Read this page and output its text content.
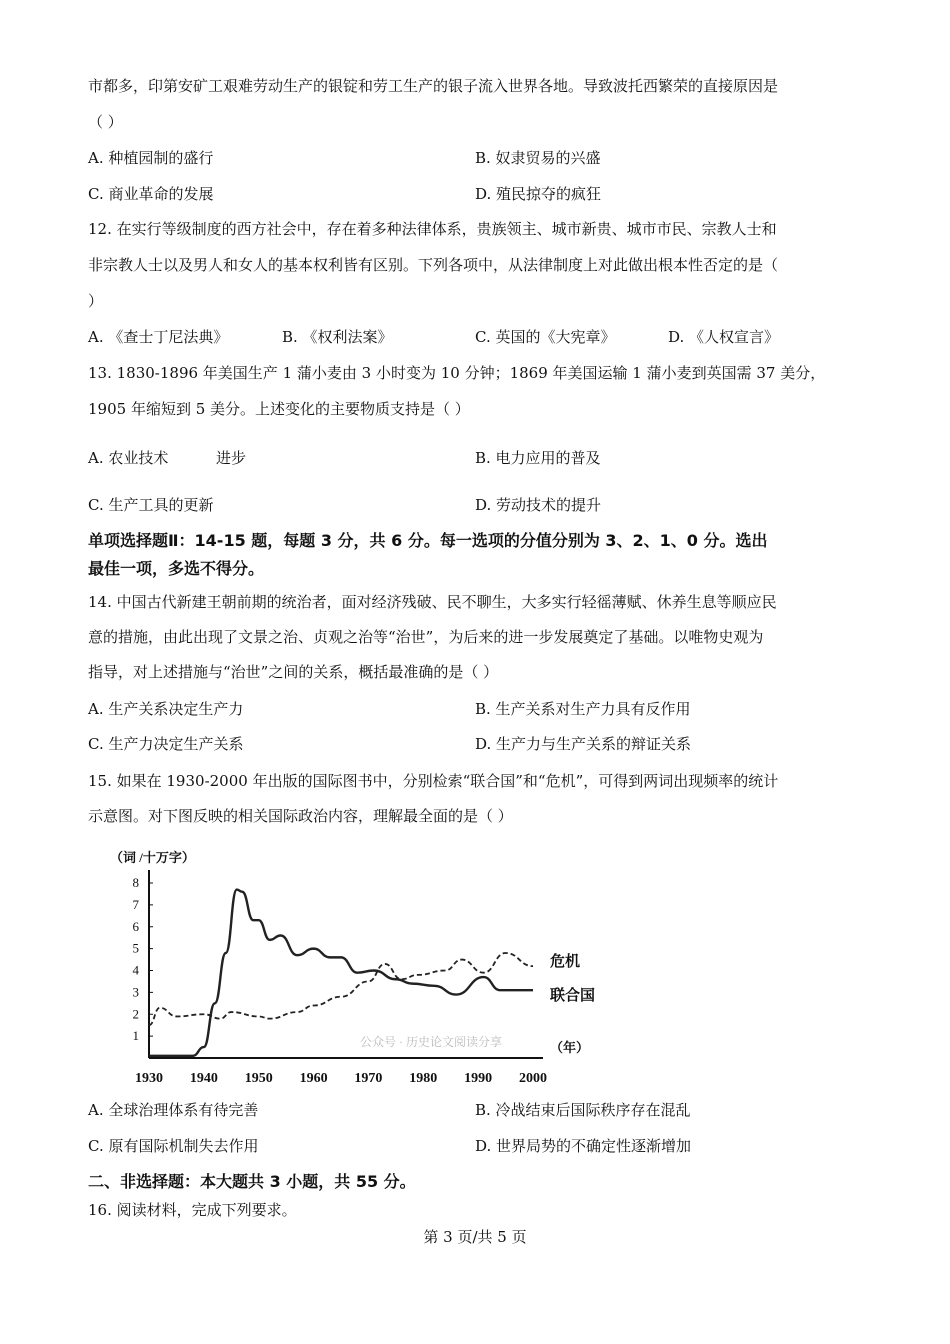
市都多，印第安矿工艰难劳动生产的银锭和劳工生产的银子流入世界各地。导致波托西繁荣的直接原因是
（ ）
A. 种植园制的盛行	B. 奴隶贸易的兴盛
C. 商业革命的发展	D. 殖民掠夺的疯狂
12. 在实行等级制度的西方社会中，存在着多种法律体系，贵族领主、城市新贵、城市市民、宗教人士和
非宗教人士以及男人和女人的基本权利皆有区别。下列各项中，从法律制度上对此做出根本性否定的是（
）
A. 《查士丁尼法典》	B. 《权利法案》	C. 英国的《大宪章》	D. 《人权宣言》
13. 1830-1896 年美国生产 1 蒲小麦由 3 小时变为 10 分钟；1869 年美国运输 1 蒲小麦到英国需 37 美分，
1905 年缩短到 5 美分。上述变化的主要物质支持是（ ）
A. 农业技术          进步	B. 电力应用的普及
C. 生产工具的更新	D. 劳动技术的提升
单项选择题Ⅱ：14-15 题，每题 3 分，共 6 分。每一选项的分值分别为 3、2、1、0 分。选出
最佳一项，多选不得分。
14. 中国古代新建王朝前期的统治者，面对经济残破、民不聊生，大多实行轻徭薄赋、休养生息等顺应民
意的措施，由此出现了文景之治、贞观之治等“治世”，为后来的进一步发展奠定了基础。以唯物史观为
指导，对上述措施与“治世”之间的关系，概括最准确的是（ ）
A. 生产关系决定生产力	B. 生产关系对生产力具有反作用
C. 生产力决定生产关系	D. 生产力与生产关系的辩证关系
15. 如果在 1930-2000 年出版的国际图书中，分别检索“联合国”和“危机”，可得到两词出现频率的统计
示意图。对下图反映的相关国际政治内容，理解最全面的是（ ）
（词 /十万字）
（年）
公众号 · 历史论文阅读分享
1930 1940 1950 1960 1970 1980 1990 2000
1
2
3
4
5
6
7
8
危机
联合国
A. 全球治理体系有待完善	B. 冷战结束后国际秩序存在混乱
C. 原有国际机制失去作用	D. 世界局势的不确定性逐渐增加
二、非选择题：本大题共 3 小题，共 55 分。
16. 阅读材料，完成下列要求。
第 3 页/共 5 页
